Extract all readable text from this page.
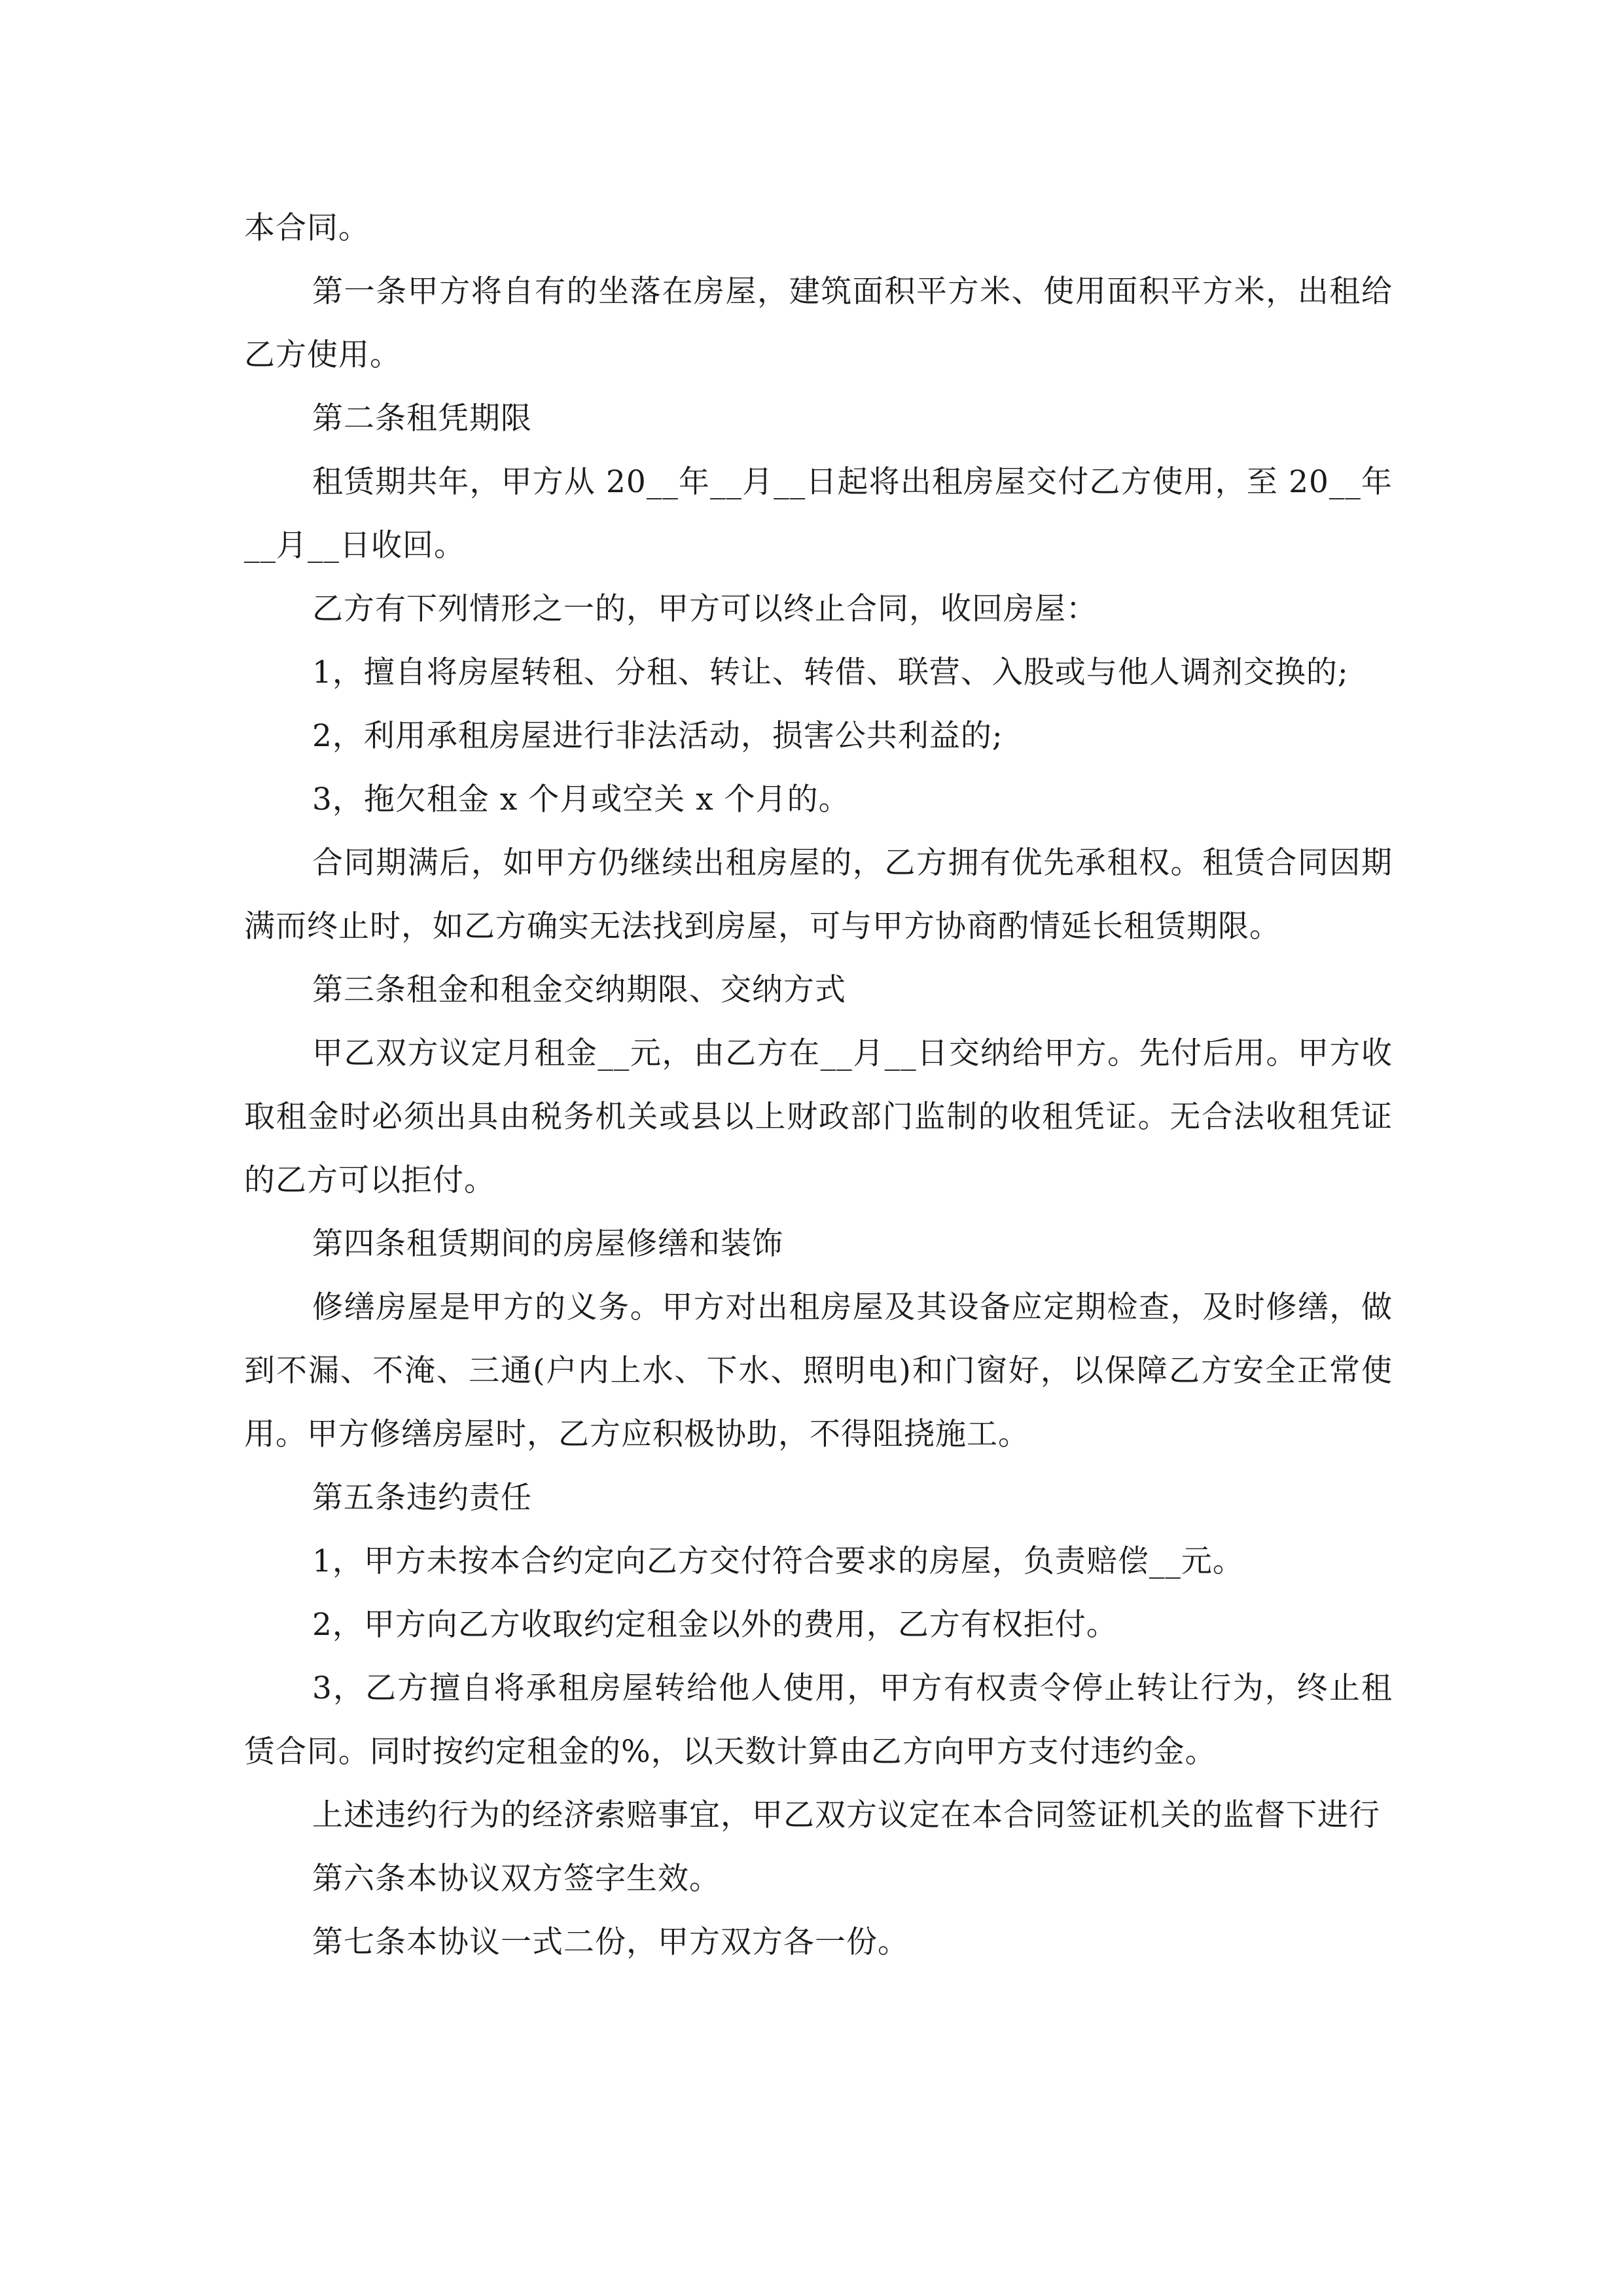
本合同。

第一条甲方将自有的坐落在房屋，建筑面积平方米、使用面积平方米，出租给乙方使用。

第二条租凭期限

租赁期共年，甲方从 20__年__月__日起将出租房屋交付乙方使用，至 20__年__月__日收回。

乙方有下列情形之一的，甲方可以终止合同，收回房屋：

1，擅自将房屋转租、分租、转让、转借、联营、入股或与他人调剂交换的;

2，利用承租房屋进行非法活动，损害公共利益的;

3，拖欠租金 x 个月或空关 x 个月的。

合同期满后，如甲方仍继续出租房屋的，乙方拥有优先承租权。租赁合同因期满而终止时，如乙方确实无法找到房屋，可与甲方协商酌情延长租赁期限。

第三条租金和租金交纳期限、交纳方式

甲乙双方议定月租金__元，由乙方在__月__日交纳给甲方。先付后用。甲方收取租金时必须出具由税务机关或县以上财政部门监制的收租凭证。无合法收租凭证的乙方可以拒付。

第四条租赁期间的房屋修缮和装饰

修缮房屋是甲方的义务。甲方对出租房屋及其设备应定期检查，及时修缮，做到不漏、不淹、三通(户内上水、下水、照明电)和门窗好，以保障乙方安全正常使用。甲方修缮房屋时，乙方应积极协助，不得阻挠施工。

第五条违约责任

1，甲方未按本合约定向乙方交付符合要求的房屋，负责赔偿__元。

2，甲方向乙方收取约定租金以外的费用，乙方有权拒付。

3，乙方擅自将承租房屋转给他人使用，甲方有权责令停止转让行为，终止租赁合同。同时按约定租金的%，以天数计算由乙方向甲方支付违约金。

上述违约行为的经济索赔事宜，甲乙双方议定在本合同签证机关的监督下进行

第六条本协议双方签字生效。

第七条本协议一式二份，甲方双方各一份。
